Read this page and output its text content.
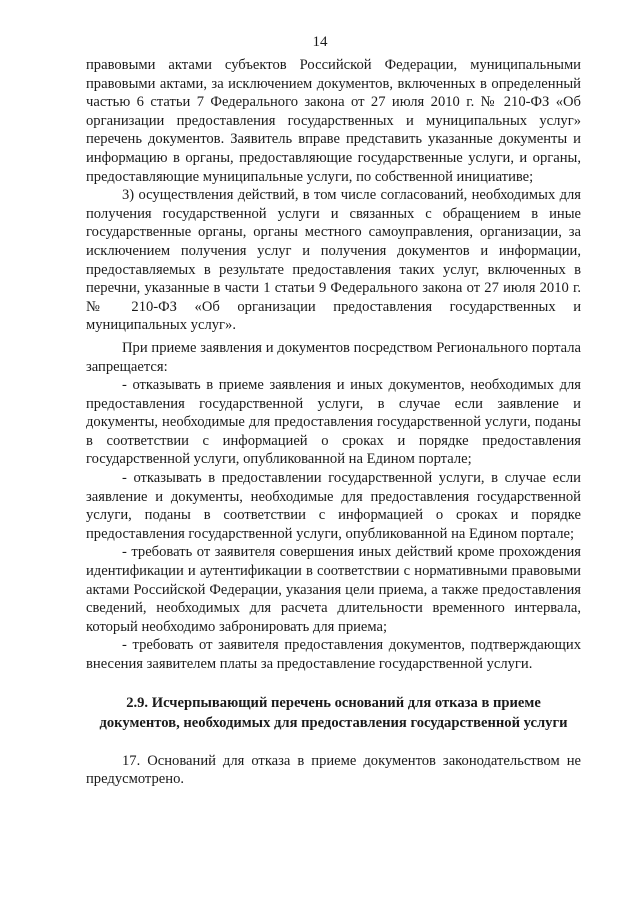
14

правовыми актами субъектов Российской Федерации, муниципальными правовыми актами, за исключением документов, включенных в определенный частью 6 статьи 7 Федерального закона от 27 июля 2010 г. № 210-ФЗ «Об организации предоставления государственных и муниципальных услуг» перечень документов. Заявитель вправе представить указанные документы и информацию в органы, предоставляющие государственные услуги, и органы, предоставляющие муниципальные услуги, по собственной инициативе;

3) осуществления действий, в том числе согласований, необходимых для получения государственной услуги и связанных с обращением в иные государственные органы, органы местного самоуправления, организации, за исключением получения услуг и получения документов и информации, предоставляемых в результате предоставления таких услуг, включенных в перечни, указанные в части 1 статьи 9 Федерального закона от 27 июля 2010 г. № 210-ФЗ «Об организации предоставления государственных и муниципальных услуг».

При приеме заявления и документов посредством Регионального портала запрещается:

- отказывать в приеме заявления и иных документов, необходимых для предоставления государственной услуги, в случае если заявление и документы, необходимые для предоставления государственной услуги, поданы в соответствии с информацией о сроках и порядке предоставления государственной услуги, опубликованной на Едином портале;

- отказывать в предоставлении государственной услуги, в случае если заявление и документы, необходимые для предоставления государственной услуги, поданы в соответствии с информацией о сроках и порядке предоставления государственной услуги, опубликованной на Едином портале;

- требовать от заявителя совершения иных действий кроме прохождения идентификации и аутентификации в соответствии с нормативными правовыми актами Российской Федерации, указания цели приема, а также предоставления сведений, необходимых для расчета длительности временного интервала, который необходимо забронировать для приема;

- требовать от заявителя предоставления документов, подтверждающих внесения заявителем платы за предоставление государственной услуги.

2.9. Исчерпывающий перечень оснований для отказа в приеме документов, необходимых для предоставления государственной услуги

17. Оснований для отказа в приеме документов законодательством не предусмотрено.
